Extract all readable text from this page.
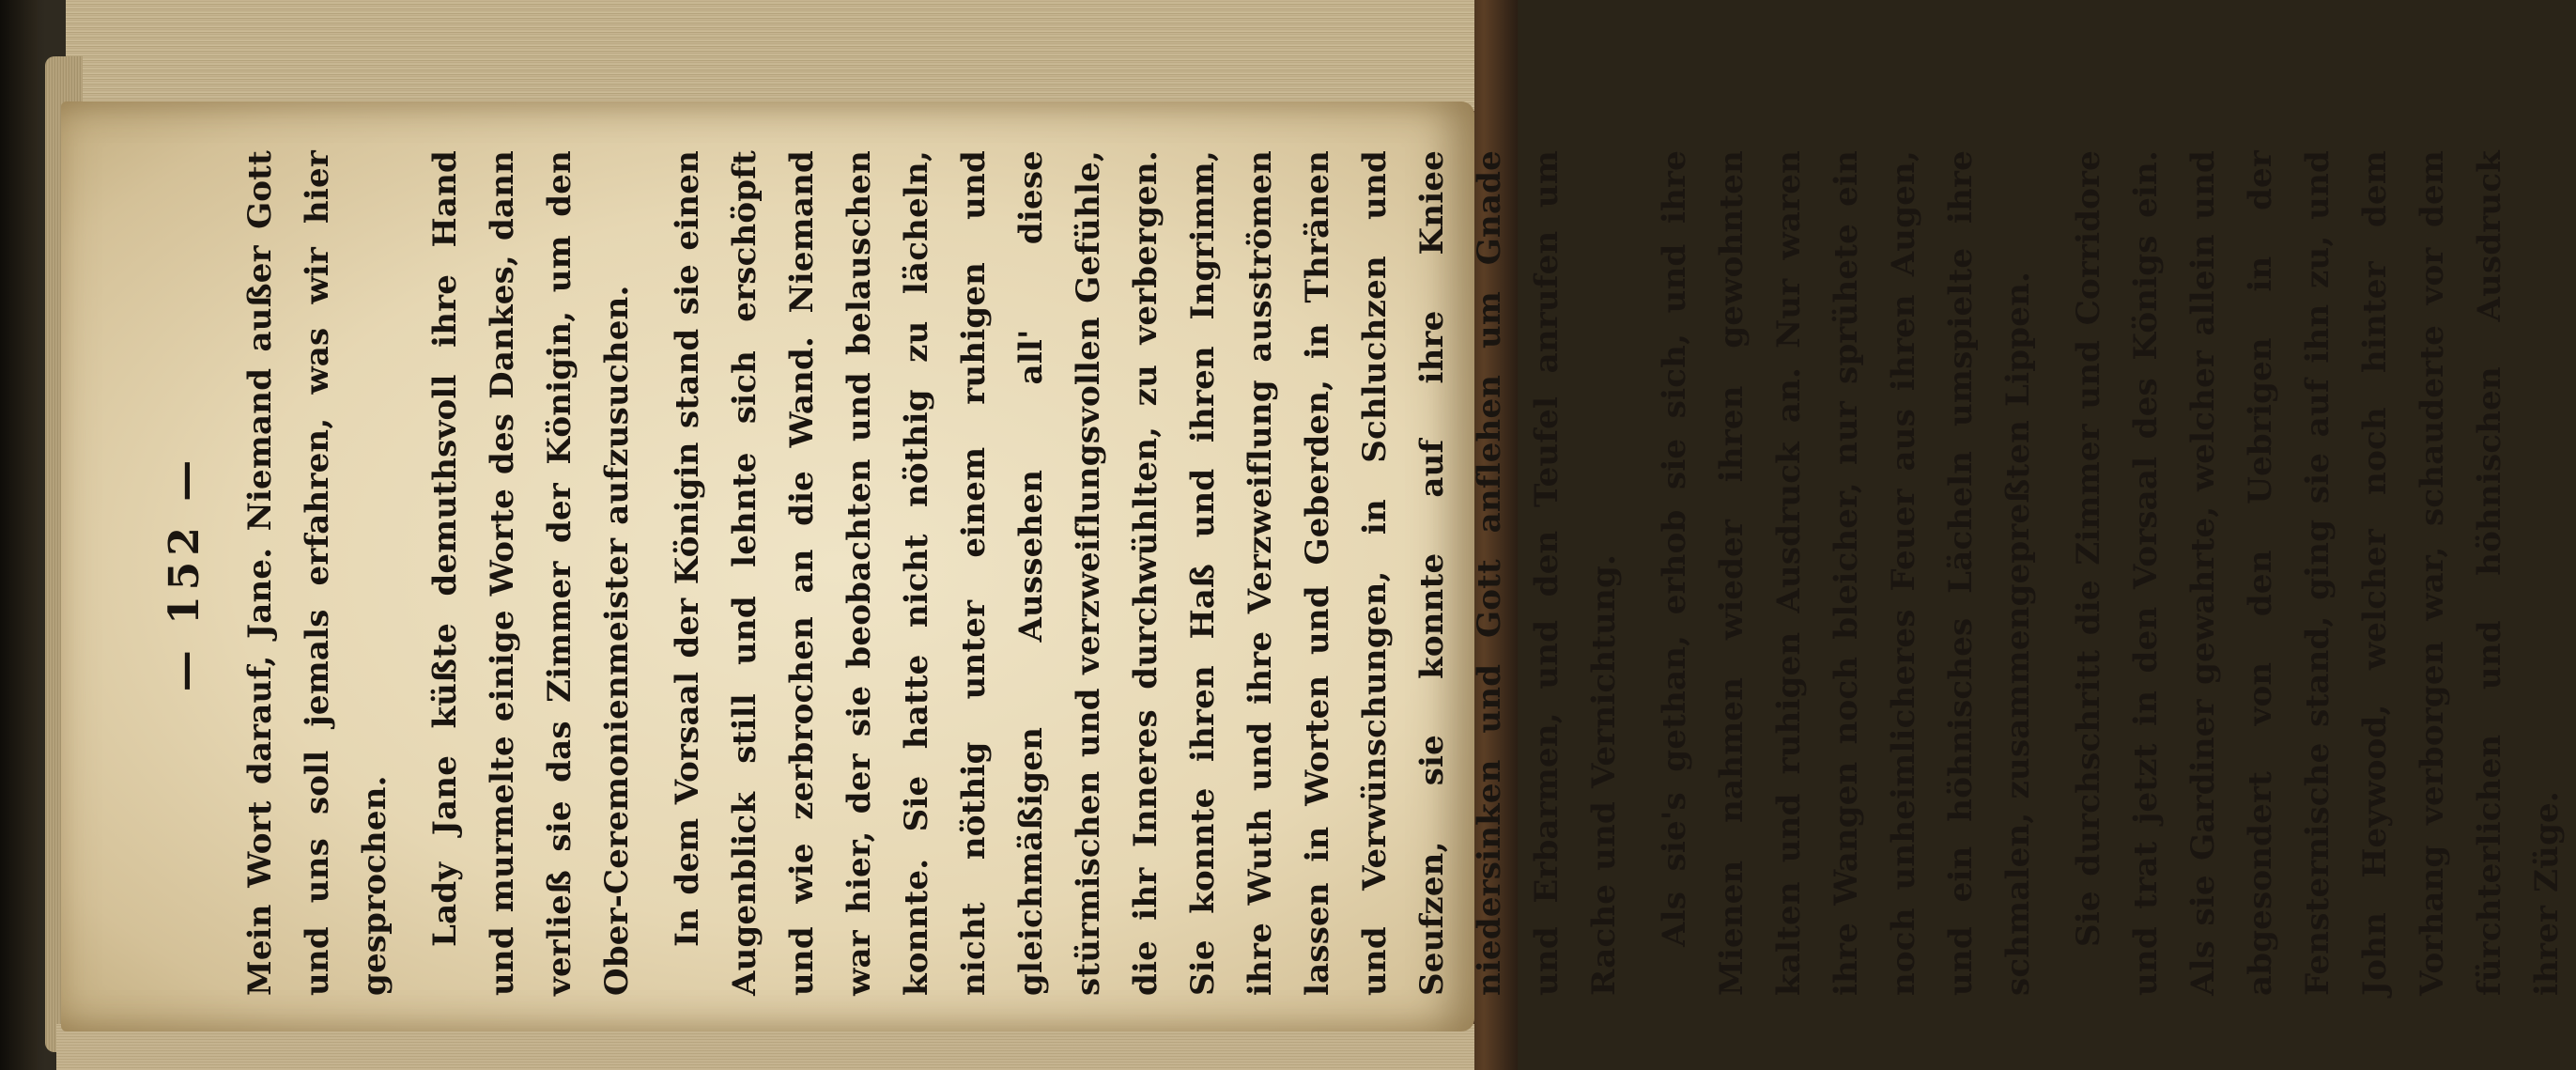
— 152 — Mein Wort darauf, Jane. Niemand außer Gott und uns soll jemals erfahren, was wir hier gesprochen.	Lady Jane küßte demuthsvoll ihre Hand und murmelte einige Worte des Dankes, dann verließ sie das Zimmer der Königin, um den Ober-Ceremonienmeister aufzusuchen.	In dem Vorsaal der Königin stand sie einen Augenblick still und lehnte sich erschöpft und wie zerbrochen an die Wand. Niemand war hier, der sie beobachten und belauschen konnte. Sie hatte nicht nöthig zu lächeln, nicht nöthig unter einem ruhigen und gleichmäßigen Aussehen all' diese stürmischen und verzweiflungsvollen Gefühle, die ihr Inneres durchwühlten, zu verbergen. Sie konnte ihren Haß und ihren Ingrimm, ihre Wuth und ihre Verzweiflung ausströmen lassen in Worten und Geberden, in Thränen und Verwünschungen, in Schluchzen und Seufzen, sie konnte auf ihre Kniee niedersinken und Gott anflehen um Gnade und Erbarmen, und den Teufel anrufen um Rache und Vernichtung.	Als sie's gethan, erhob sie sich, und ihre Mienen nahmen wieder ihren gewohnten kalten und ruhigen Ausdruck an. Nur waren ihre Wangen noch bleicher, nur sprühete ein noch unheimlicheres Feuer aus ihren Augen, und ein höhnisches Lächeln umspielte ihre schmalen, zusammengepreßten Lippen.	Sie durchschritt die Zimmer und Corridore und trat jetzt in den Vorsaal des Königs ein. Als sie Gardiner gewahrte, welcher allein und abgesondert von den Uebrigen in der Fensternische stand, ging sie auf ihn zu, und John Heywood, welcher noch hinter dem Vorhang verborgen war, schauderte vor dem fürchterlichen und höhnischen Ausdruck ihrer Züge.
